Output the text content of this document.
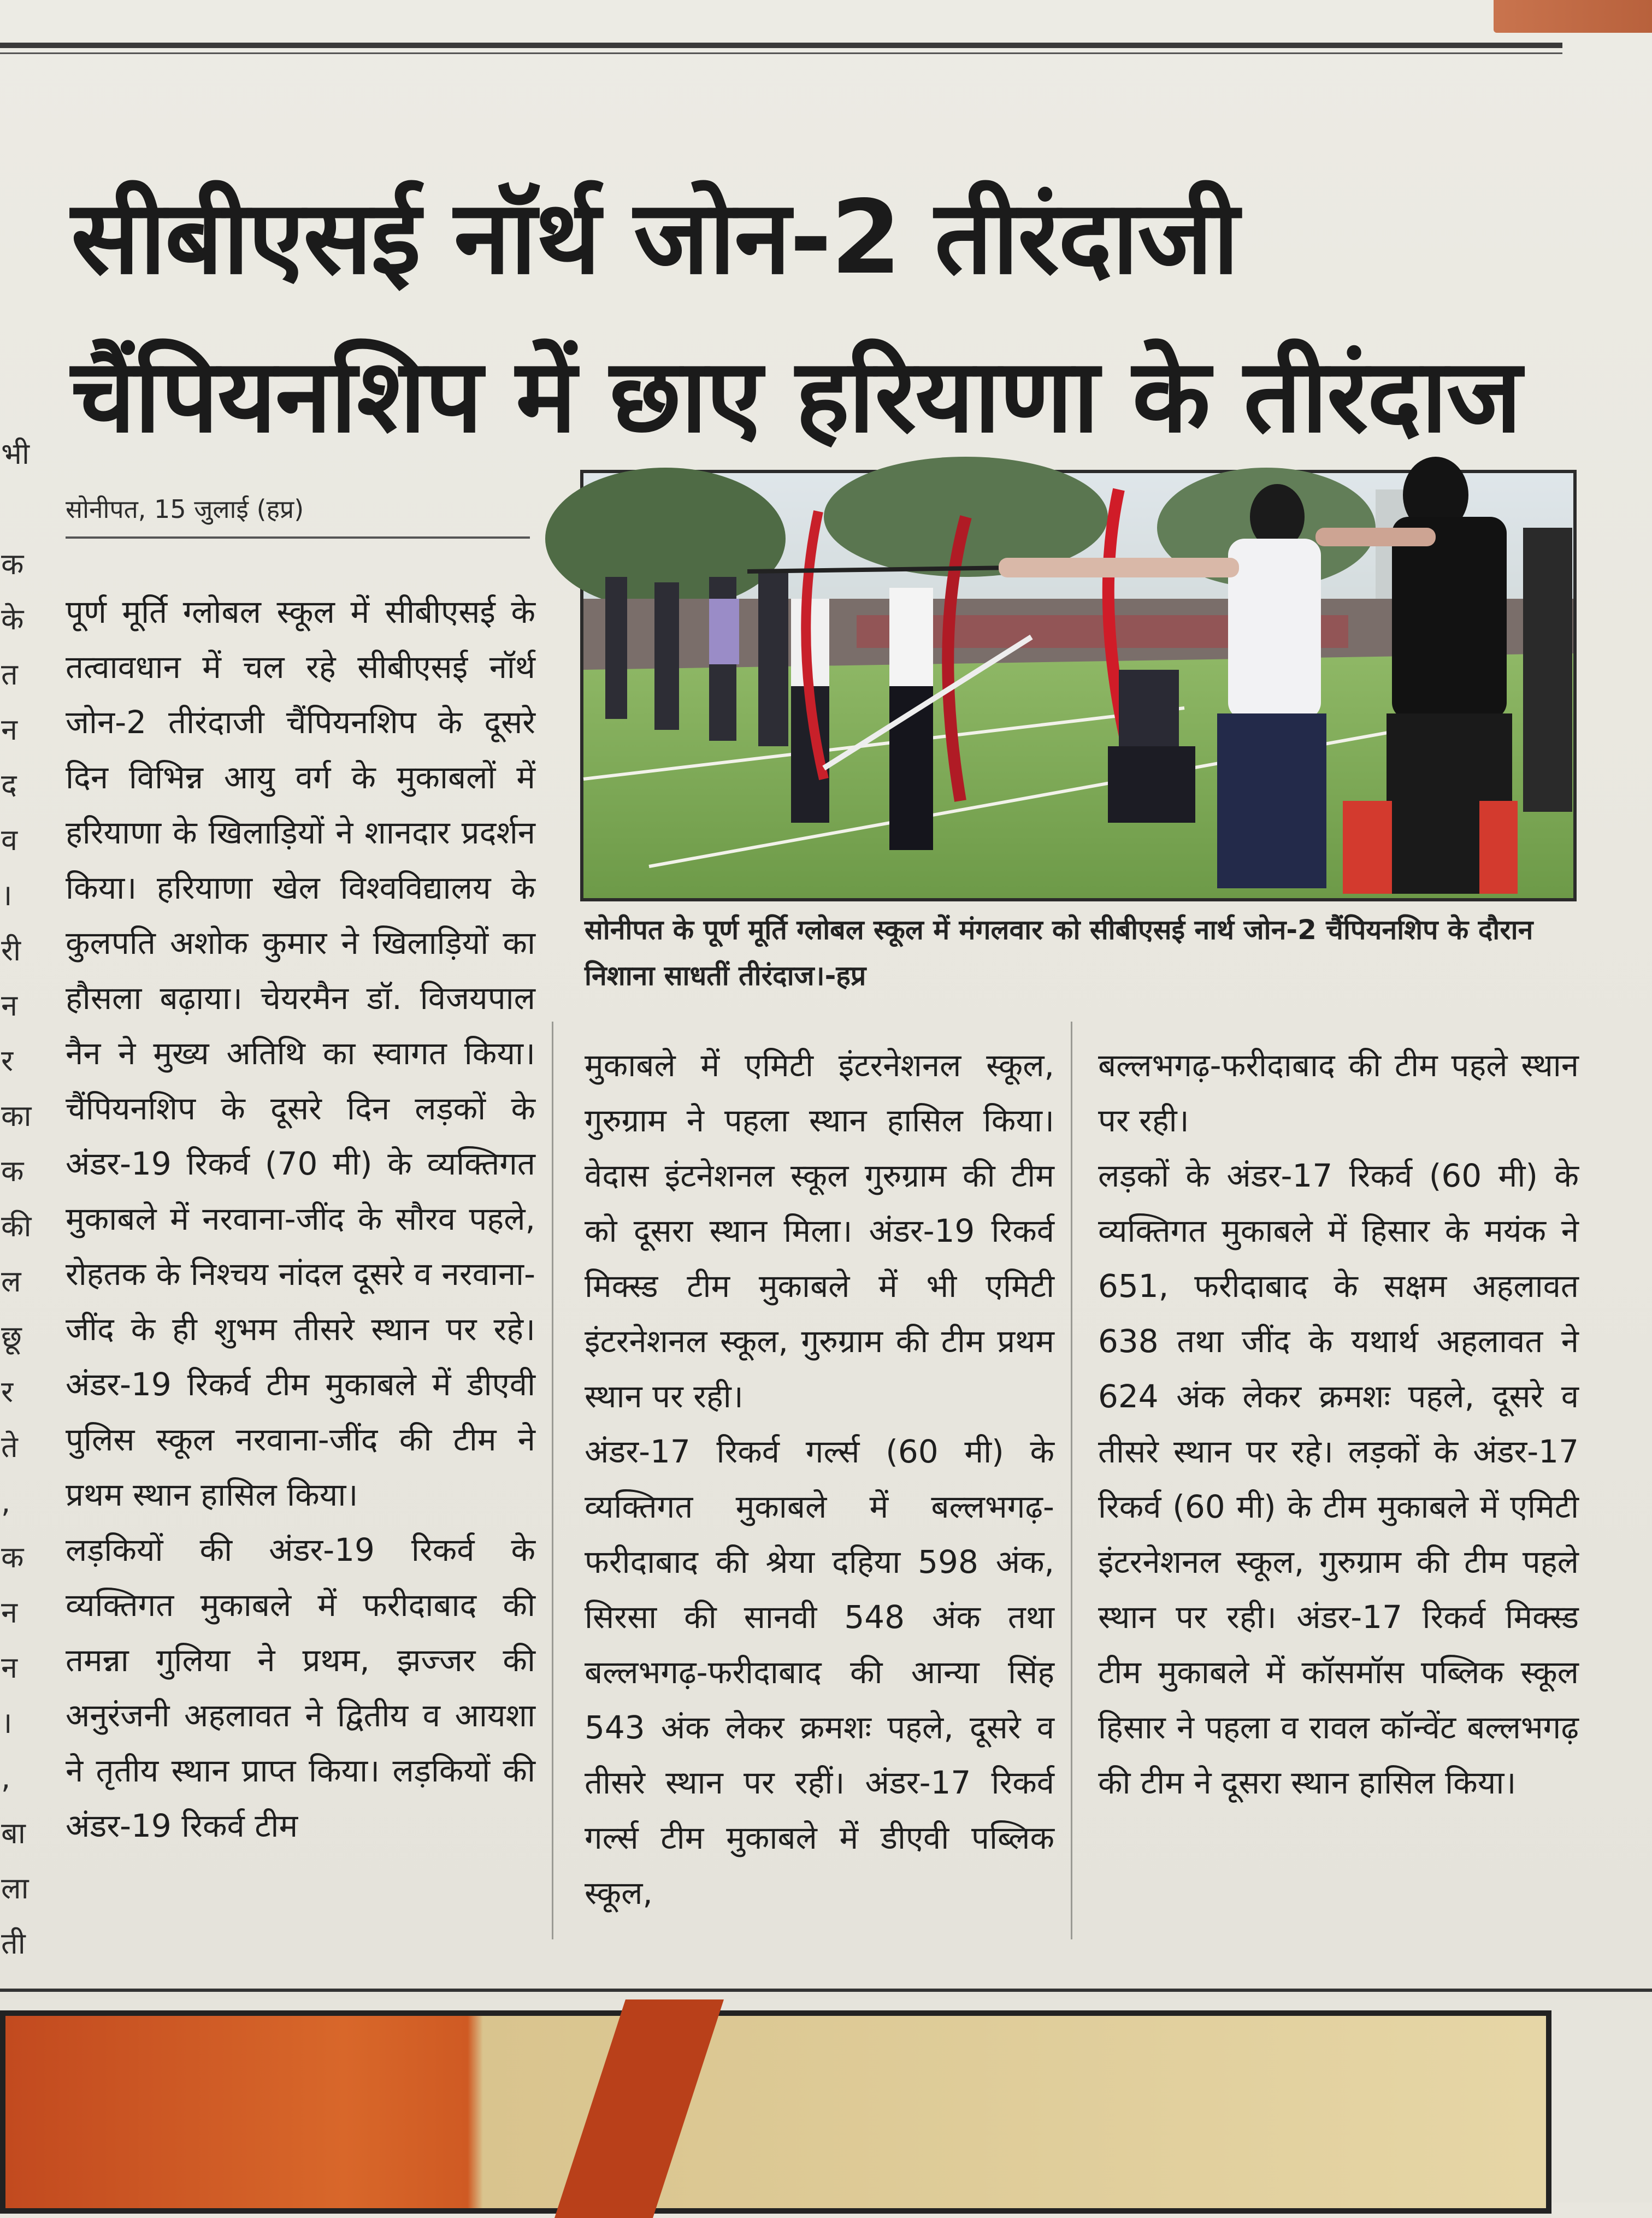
भी

क
के
त
न
द
व
।
री
न
र
का
क
की
ल
छू
र
ते
,
क
न
न
।
,
बा
ला
ती
सीबीएसई नॉर्थ जोन-2 तीरंदाजी
चैंपियनशिप में छाए हरियाणा के तीरंदाज
सोनीपत, 15 जुलाई (हप्र)
सोनीपत के पूर्ण मूर्ति ग्लोबल स्कूल में मंगलवार को सीबीएसई नार्थ जोन-2 चैंपियनशिप के दौरान निशाना साधतीं तीरंदाज।-हप्र
पूर्ण मूर्ति ग्लोबल स्कूल में सीबीएसई के तत्वावधान में चल रहे सीबीएसई नॉर्थ जोन-2 तीरंदाजी चैंपियनशिप के दूसरे दिन विभिन्न आयु वर्ग के मुकाबलों में हरियाणा के खिलाड़ियों ने शानदार प्रदर्शन किया। हरियाणा खेल विश्वविद्यालय के कुलपति अशोक कुमार ने खिलाड़ियों का हौसला बढ़ाया। चेयरमैन डॉ. विजयपाल नैन ने मुख्य अतिथि का स्वागत किया। चैंपियनशिप के दूसरे दिन लड़कों के अंडर-19 रिकर्व (70 मी) के व्यक्तिगत मुकाबले में नरवाना-जींद के सौरव पहले, रोहतक के निश्चय नांदल दूसरे व नरवाना-जींद के ही शुभम तीसरे स्थान पर रहे। अंडर-19 रिकर्व टीम मुकाबले में डीएवी पुलिस स्कूल नरवाना-जींद की टीम ने प्रथम स्थान हासिल किया।
लड़कियों की अंडर-19 रिकर्व के व्यक्तिगत मुकाबले में फरीदाबाद की तमन्ना गुलिया ने प्रथम, झज्जर की अनुरंजनी अहलावत ने द्वितीय व आयशा ने तृतीय स्थान प्राप्त किया। लड़कियों की अंडर-19 रिकर्व टीम
मुकाबले में एमिटी इंटरनेशनल स्कूल, गुरुग्राम ने पहला स्थान हासिल किया। वेदास इंटनेशनल स्कूल गुरुग्राम की टीम को दूसरा स्थान मिला। अंडर-19 रिकर्व मिक्स्ड टीम मुकाबले में भी एमिटी इंटरनेशनल स्कूल, गुरुग्राम की टीम प्रथम स्थान पर रही।
अंडर-17 रिकर्व गर्ल्स (60 मी) के व्यक्तिगत मुकाबले में बल्लभगढ़-फरीदाबाद की श्रेया दहिया 598 अंक, सिरसा की सानवी 548 अंक तथा बल्लभगढ़-फरीदाबाद की आन्या सिंह 543 अंक लेकर क्रमशः पहले, दूसरे व तीसरे स्थान पर रहीं। अंडर-17 रिकर्व गर्ल्स टीम मुकाबले में डीएवी पब्लिक स्कूल,
बल्लभगढ़-फरीदाबाद की टीम पहले स्थान पर रही।
लड़कों के अंडर-17 रिकर्व (60 मी) के व्यक्तिगत मुकाबले में हिसार के मयंक ने 651, फरीदाबाद के सक्षम अहलावत 638 तथा जींद के यथार्थ अहलावत ने 624 अंक लेकर क्रमशः पहले, दूसरे व तीसरे स्थान पर रहे। लड़कों के अंडर-17 रिकर्व (60 मी) के टीम मुकाबले में एमिटी इंटरनेशनल स्कूल, गुरुग्राम की टीम पहले स्थान पर रही। अंडर-17 रिकर्व मिक्स्ड टीम मुकाबले में कॉसमॉस पब्लिक स्कूल हिसार ने पहला व रावल कॉन्वेंट बल्लभगढ़ की टीम ने दूसरा स्थान हासिल किया।
